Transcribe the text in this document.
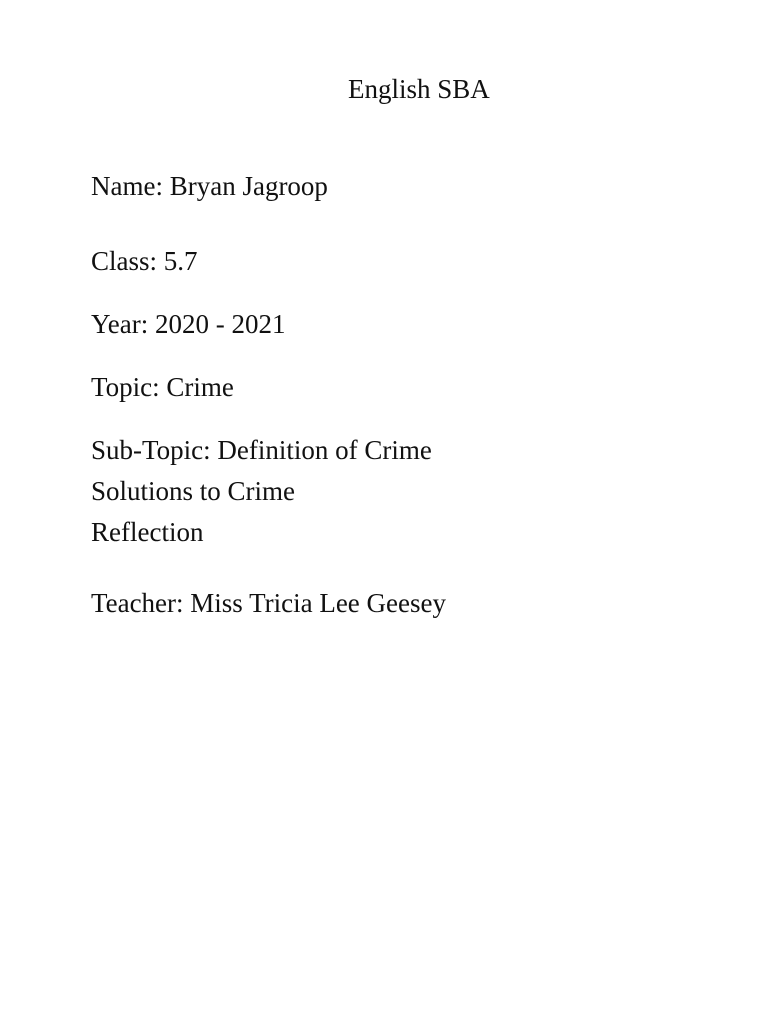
English SBA

Name: Bryan Jagroop

Class: 5.7

Year: 2020 - 2021

Topic: Crime

Sub-Topic: Definition of Crime

Solutions to Crime

Reflection

Teacher: Miss Tricia Lee Geesey
